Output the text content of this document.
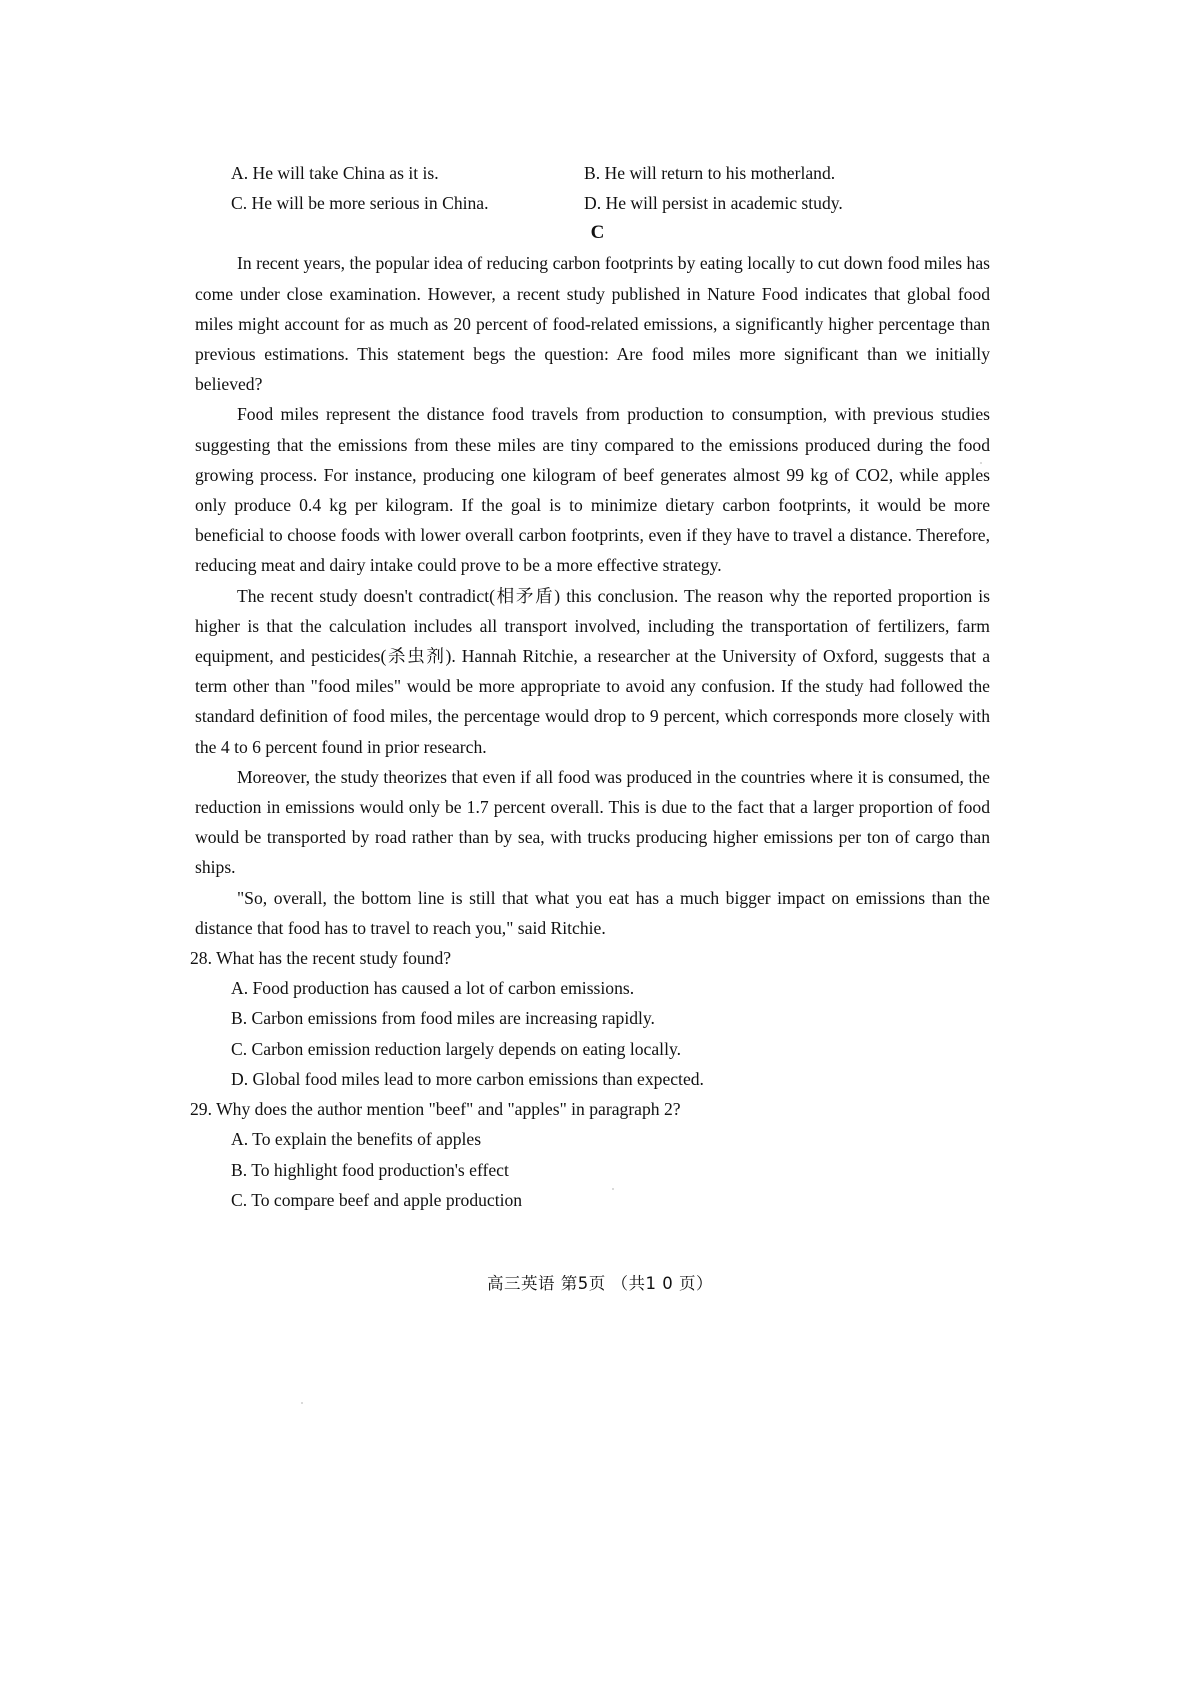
A. He will take China as it is.	B. He will return to his motherland.
C. He will be more serious in China.	D. He will persist in academic study.
C

In recent years, the popular idea of reducing carbon footprints by eating locally to cut down food miles has come under close examination. However, a recent study published in Nature Food indicates that global food miles might account for as much as 20 percent of food-related emissions, a significantly higher percentage than previous estimations. This statement begs the question: Are food miles more significant than we initially believed?

Food miles represent the distance food travels from production to consumption, with previous studies suggesting that the emissions from these miles are tiny compared to the emissions produced during the food growing process. For instance, producing one kilogram of beef generates almost 99 kg of CO2, while apples only produce 0.4 kg per kilogram. If the goal is to minimize dietary carbon footprints, it would be more beneficial to choose foods with lower overall carbon footprints, even if they have to travel a distance. Therefore, reducing meat and dairy intake could prove to be a more effective strategy.

The recent study doesn't contradict(相矛盾) this conclusion. The reason why the reported proportion is higher is that the calculation includes all transport involved, including the transportation of fertilizers, farm equipment, and pesticides(杀虫剂). Hannah Ritchie, a researcher at the University of Oxford, suggests that a term other than "food miles" would be more appropriate to avoid any confusion. If the study had followed the standard definition of food miles, the percentage would drop to 9 percent, which corresponds more closely with the 4 to 6 percent found in prior research.

Moreover, the study theorizes that even if all food was produced in the countries where it is consumed, the reduction in emissions would only be 1.7 percent overall. This is due to the fact that a larger proportion of food would be transported by road rather than by sea, with trucks producing higher emissions per ton of cargo than ships.

"So, overall, the bottom line is still that what you eat has a much bigger impact on emissions than the distance that food has to travel to reach you," said Ritchie.

28. What has the recent study found?

A. Food production has caused a lot of carbon emissions.
B. Carbon emissions from food miles are increasing rapidly.
C. Carbon emission reduction largely depends on eating locally.
D. Global food miles lead to more carbon emissions than expected.

29. Why does the author mention "beef" and "apples" in paragraph 2?

A. To explain the benefits of apples
B. To highlight food production's effect
C. To compare beef and apple production
高三英语 第5页 （共1 0 页）
